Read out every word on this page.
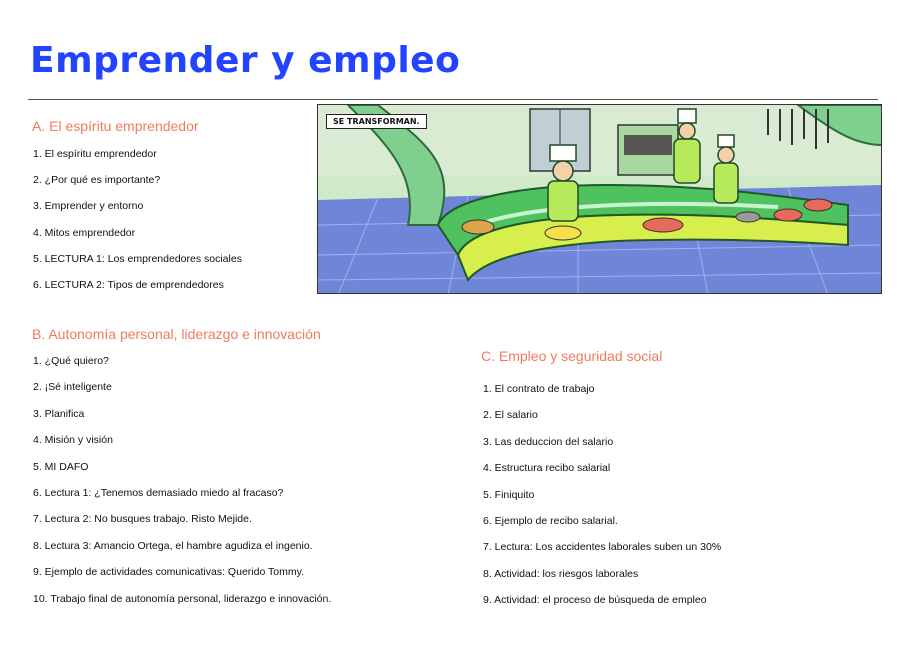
Emprender y empleo
A. El espíritu emprendedor
1. El espíritu emprendedor
2. ¿Por qué es importante?
3. Emprender y entorno
4. Mitos emprendedor
5. LECTURA 1: Los emprendedores sociales
6. LECTURA 2: Tipos de emprendedores
SE TRANSFORMAN.
B. Autonomía personal, liderazgo e innovación
1. ¿Qué quiero?
2. ¡Sé inteligente
3. Planifica
4. Misión y visión
5. MI DAFO
6. Lectura 1: ¿Tenemos demasiado miedo al fracaso?
7. Lectura 2: No busques trabajo. Risto Mejide.
8. Lectura 3: Amancio Ortega, el hambre agudiza el ingenio.
9. Ejemplo de actividades comunicativas: Querido Tommy.
10. Trabajo final de autonomía personal, liderazgo e innovación.
C. Empleo y seguridad social
1. El contrato de trabajo
2. El salario
3. Las deduccion del salario
4. Estructura recibo salarial
5. Finiquito
6. Ejemplo de recibo salarial.
7. Lectura: Los accidentes laborales suben un 30%
8. Actividad: los riesgos laborales
9. Actividad: el proceso de búsqueda de empleo
